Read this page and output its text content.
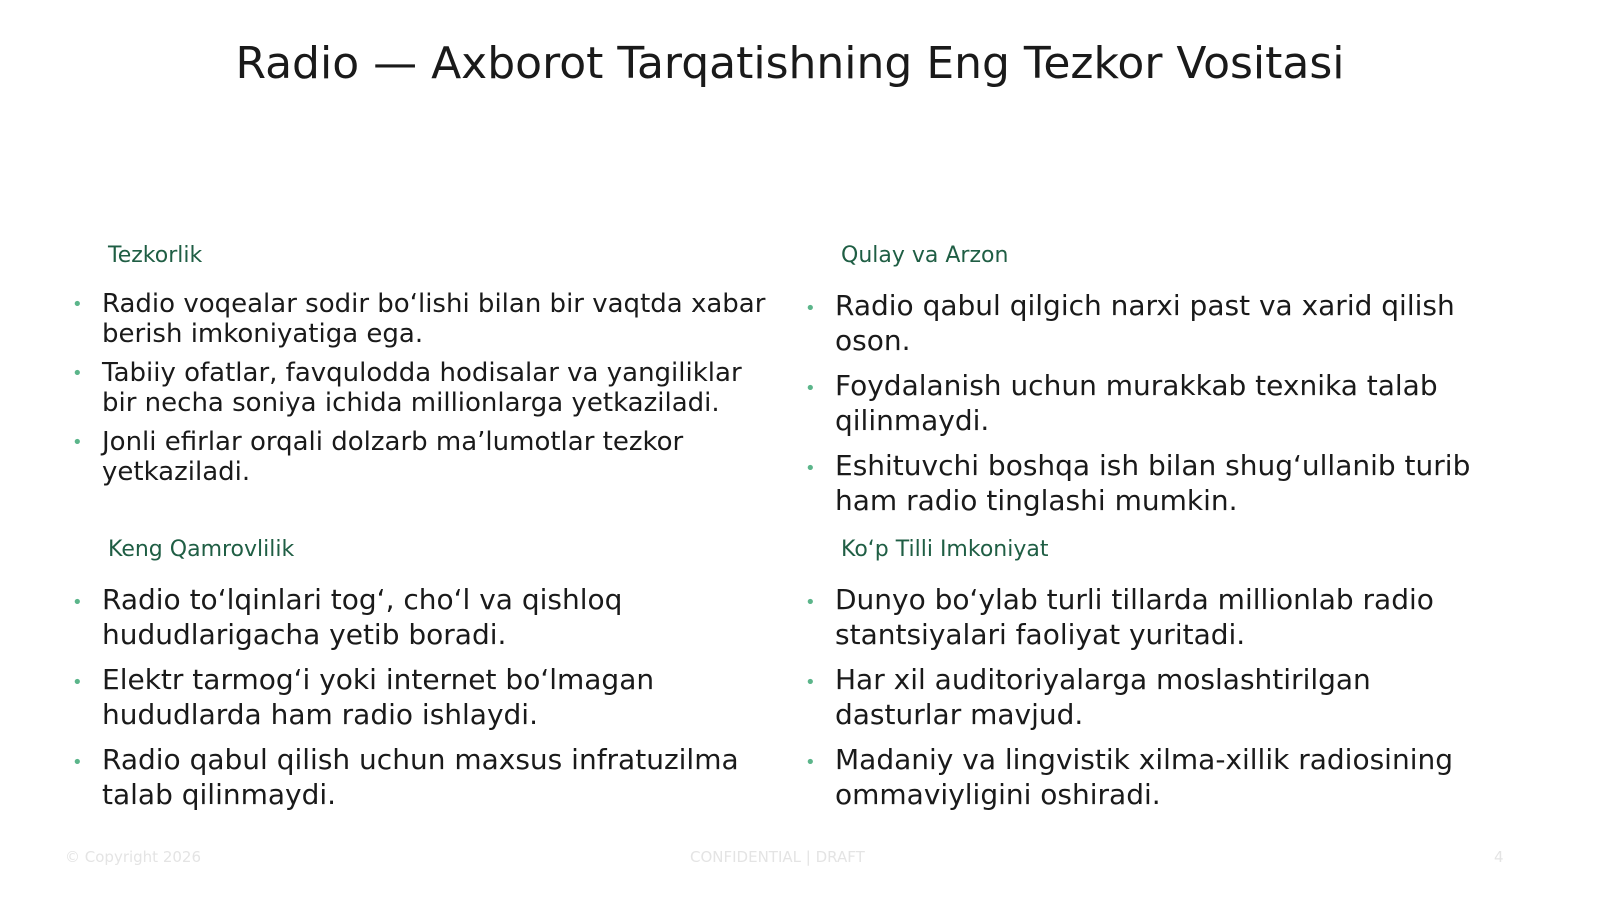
Radio — Axborot Tarqatishning Eng Tezkor Vositasi
Tezkorlik
• Radio voqealar sodir bo‘lishi bilan bir vaqtda xabar berish imkoniyatiga ega.
• Tabiiy ofatlar, favqulodda hodisalar va yangiliklar bir necha soniya ichida millionlarga yetkaziladi.
• Jonli efirlar orqali dolzarb ma’lumotlar tezkor yetkaziladi.
Qulay va Arzon
• Radio qabul qilgich narxi past va xarid qilish oson.
• Foydalanish uchun murakkab texnika talab qilinmaydi.
• Eshituvchi boshqa ish bilan shug‘ullanib turib ham radio tinglashi mumkin.
Keng Qamrovlilik
• Radio to‘lqinlari tog‘, cho‘l va qishloq hududlarigacha yetib boradi.
• Elektr tarmog‘i yoki internet bo‘lmagan hududlarda ham radio ishlaydi.
• Radio qabul qilish uchun maxsus infratuzilma talab qilinmaydi.
Ko‘p Tilli Imkoniyat
• Dunyo bo‘ylab turli tillarda millionlab radio stantsiyalari faoliyat yuritadi.
• Har xil auditoriyalarga moslashtirilgan dasturlar mavjud.
• Madaniy va lingvistik xilma-xillik radiosining ommaviyligini oshiradi.
© Copyright 2026	CONFIDENTIAL | DRAFT	4
